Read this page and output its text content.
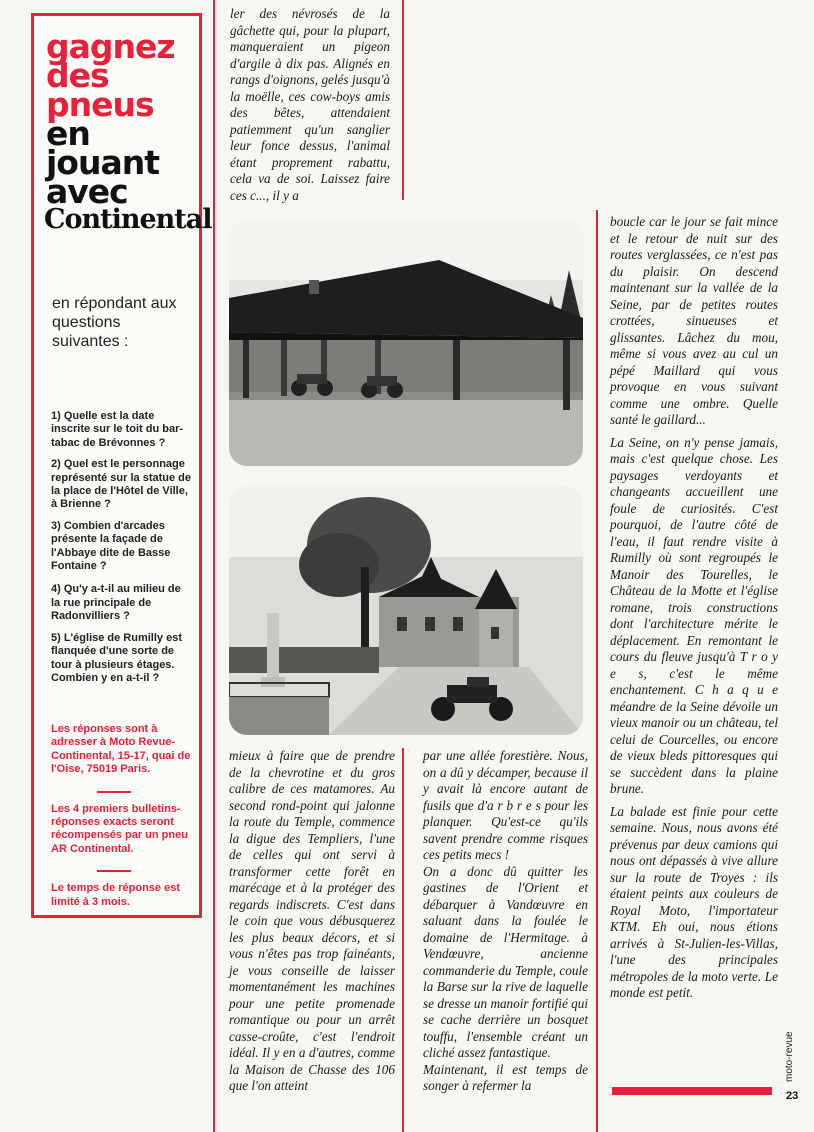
gagnez
des
pneus
en
jouant
avec
Continental
en répondant aux questions suivantes :
1) Quelle est la date inscrite sur le toit du bar-tabac de Brévonnes ?
2) Quel est le personnage représenté sur la statue de la place de l'Hôtel de Ville, à Brienne ?
3) Combien d'arcades présente la façade de l'Abbaye dite de Basse Fontaine ?
4) Qu'y a-t-il au milieu de la rue principale de Radonvilliers ?
5) L'église de Rumilly est flanquée d'une sorte de tour à plusieurs étages. Combien y en a-t-il ?
Les réponses sont à adresser à Moto Revue-Continental, 15-17, quai de l'Oise, 75019 Paris.
Les 4 premiers bulletins-réponses exacts seront récompensés par un pneu AR Continental.
Le temps de réponse est limité à 3 mois.

ler des névrosés de la gâchette qui, pour la plupart, manqueraient un pigeon d'argile à dix pas. Alignés en rangs d'oignons, gelés jusqu'à la moëlle, ces cow-boys amis des bêtes, attendaient patiemment qu'un sanglier leur fonce dessus, l'animal étant proprement rabattu, cela va de soi. Laissez faire ces c..., il y a

mieux à faire que de prendre de la chevrotine et du gros calibre de ces matamores. Au second rond-point qui jalonne la route du Temple, commence la digue des Templiers, l'une de celles qui ont servi à transformer cette forêt en marécage et à la protéger des regards indiscrets. C'est dans le coin que vous débusquerez les plus beaux décors, et si vous n'êtes pas trop fainéants, je vous conseille de laisser momentanément les machines pour une petite promenade romantique ou pour un arrêt casse-croûte, c'est l'endroit idéal. Il y en a d'autres, comme la Maison de Chasse des 106 que l'on atteint

par une allée forestière. Nous, on a dû y décamper, because il y avait là encore autant de fusils que d'a r b r e s pour les planquer. Qu'est-ce qu'ils savent prendre comme risques ces petits mecs !

On a donc dû quitter les gastines de l'Orient et débarquer à Vandœuvre en saluant dans la foulée le domaine de l'Hermitage. à Vendœuvre, ancienne commanderie du Temple, coule la Barse sur la rive de laquelle se dresse un manoir fortifié qui se cache derrière un bosquet touffu, l'ensemble créant un cliché assez fantastique.

Maintenant, il est temps de songer à refermer la

boucle car le jour se fait mince et le retour de nuit sur des routes verglassées, ce n'est pas du plaisir. On descend maintenant sur la vallée de la Seine, par de petites routes crottées, sinueuses et glissantes. Lâchez du mou, même si vous avez au cul un pépé Maillard qui vous provoque en vous suivant comme une ombre. Quelle santé le gaillard...

La Seine, on n'y pense jamais, mais c'est quelque chose. Les paysages verdoyants et changeants accueillent une foule de curiosités. C'est pourquoi, de l'autre côté de l'eau, il faut rendre visite à Rumilly où sont regroupés le Manoir des Tourelles, le Château de la Motte et l'église romane, trois constructions dont l'architecture mérite le déplacement. En remontant le cours du fleuve jusqu'à T r o y e s, c'est le même enchantement. C h a q u e méandre de la Seine dévoile un vieux manoir ou un château, tel celui de Courcelles, ou encore de vieux bleds pittoresques qui se succèdent dans la plaine brune.

La balade est finie pour cette semaine. Nous, nous avons été prévenus par deux camions qui nous ont dépassés à vive allure sur la route de Troyes : ils étaient peints aux couleurs de Royal Moto, l'importateur KTM. Eh oui, nous étions arrivés à St-Julien-les-Villas, l'une des principales métropoles de la moto verte. Le monde est petit.

moto-revue
23
